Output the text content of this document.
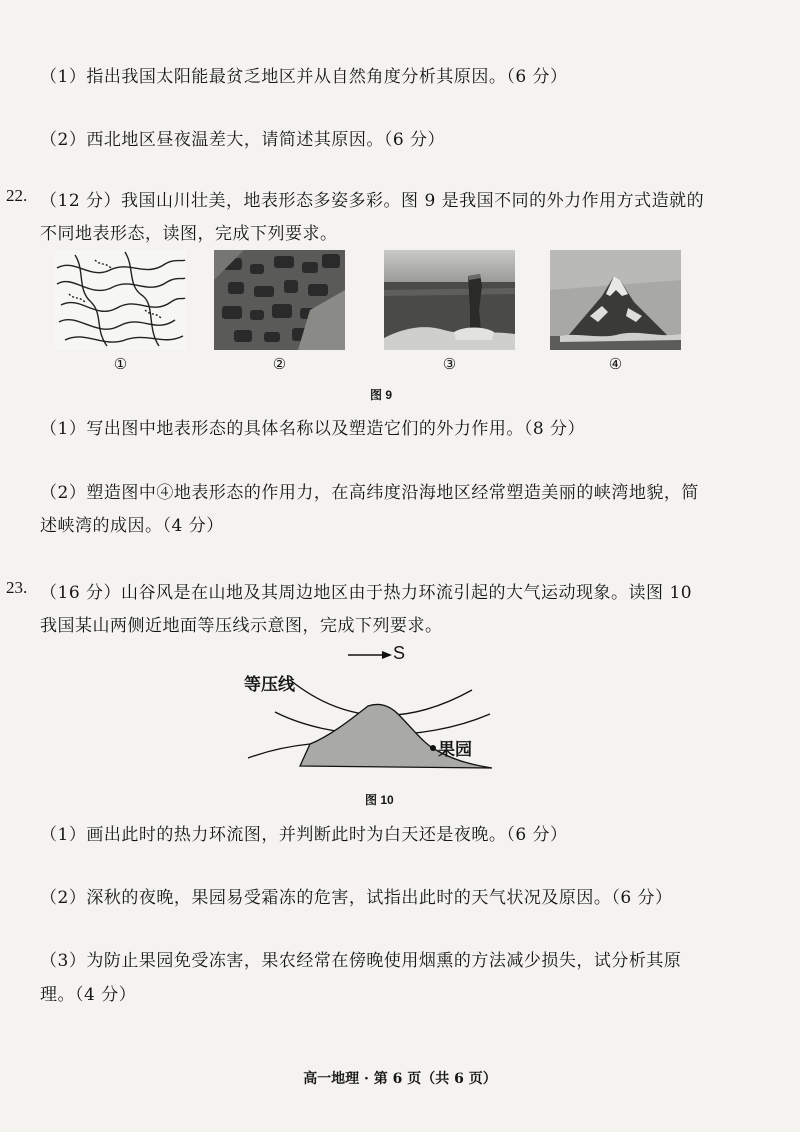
（1）指出我国太阳能最贫乏地区并从自然角度分析其原因。（6 分）
（2）西北地区昼夜温差大，请简述其原因。（6 分）
22. （12 分）我国山川壮美，地表形态多姿多彩。图 9 是我国不同的外力作用方式造就的
不同地表形态，读图，完成下列要求。
①	②	③	④
图 9
（1）写出图中地表形态的具体名称以及塑造它们的外力作用。（8 分）
（2）塑造图中④地表形态的作用力，在高纬度沿海地区经常塑造美丽的峡湾地貌，简
述峡湾的成因。（4 分）
23. （16 分）山谷风是在山地及其周边地区由于热力环流引起的大气运动现象。读图 10
我国某山两侧近地面等压线示意图，完成下列要求。
S
等压线
果园
图 10
（1）画出此时的热力环流图，并判断此时为白天还是夜晚。（6 分）
（2）深秋的夜晚，果园易受霜冻的危害，试指出此时的天气状况及原因。（6 分）
（3）为防止果园免受冻害，果农经常在傍晚使用烟熏的方法减少损失，试分析其原
理。（4 分）
高一地理 · 第 6 页（共 6 页）
